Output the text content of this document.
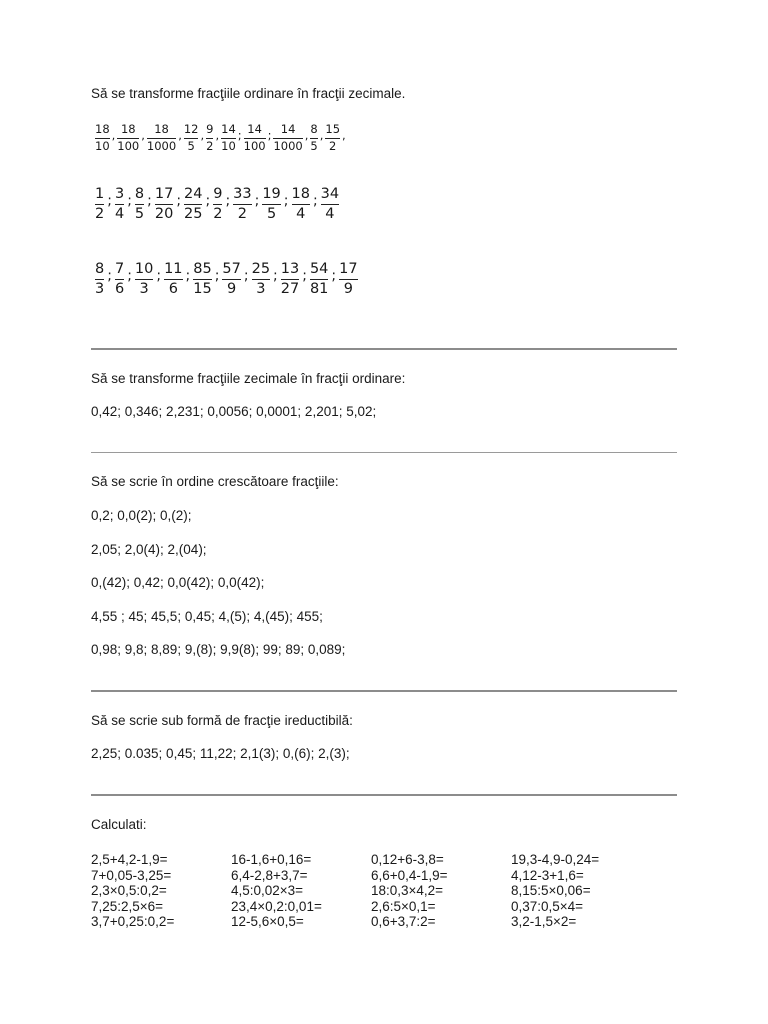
Să se transforme fracţiile ordinare în fracţii zecimale.
$\frac{18}{10}$ , $\frac{18}{100}$ , $\frac{18}{1000}$ , $\frac{12}{5}$ , $\frac{9}{2}$ , $\frac{14}{10}$ ; $\frac{14}{100}$ ; $\frac{14}{1000}$ , $\frac{8}{5}$ , $\frac{15}{2}$ ,
$\frac{1}{2}$ ; $\frac{3}{4}$ ; $\frac{8}{5}$ ; $\frac{17}{20}$ ; $\frac{24}{25}$ ; $\frac{9}{2}$ ; $\frac{33}{2}$ ; $\frac{19}{5}$ ; $\frac{18}{4}$ ; $\frac{34}{4}$
$\frac{8}{3}$ ; $\frac{7}{6}$ ; $\frac{10}{3}$ ; $\frac{11}{6}$ ; $\frac{85}{15}$ ; $\frac{57}{9}$ ; $\frac{25}{3}$ ; $\frac{13}{27}$ ; $\frac{54}{81}$ ; $\frac{17}{9}$
Să se transforme fracţiile zecimale în fracţii ordinare:
0,42; 0,346; 2,231; 0,0056; 0,0001; 2,201; 5,02;
Să se scrie în ordine crescătoare fracţiile:
0,2; 0,0(2); 0,(2);
2,05; 2,0(4); 2,(04);
0,(42); 0,42; 0,0(42); 0,0(42);
4,55 ; 45; 45,5; 0,45; 4,(5); 4,(45); 455;
0,98; 9,8; 8,89; 9,(8); 9,9(8); 99; 89; 0,089;
Să se scrie sub formă de fracţie ireductibilă:
2,25; 0.035; 0,45; 11,22; 2,1(3); 0,(6); 2,(3);
Calculati:
2,5+4,2-1,9=	16-1,6+0,16=	0,12+6-3,8=	19,3-4,9-0,24=
7+0,05-3,25=	6,4-2,8+3,7=	6,6+0,4-1,9=	4,12-3+1,6=
2,3×0,5:0,2=	4,5:0,02×3=	18:0,3×4,2=	8,15:5×0,06=
7,25:2,5×6=	23,4×0,2:0,01=	2,6:5×0,1=	0,37:0,5×4=
3,7+0,25:0,2=	12-5,6×0,5=	0,6+3,7:2=	3,2-1,5×2=
